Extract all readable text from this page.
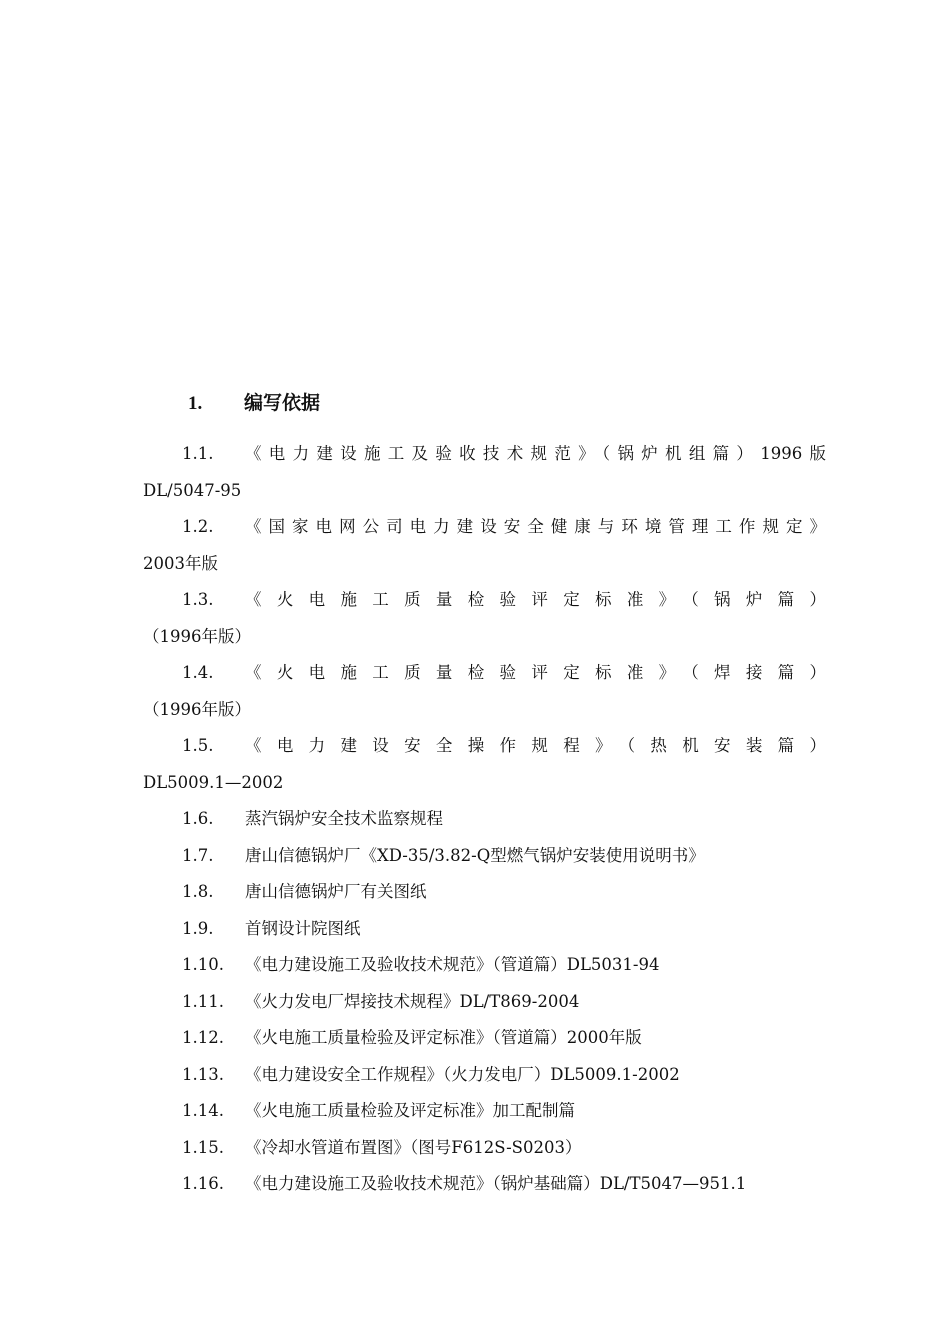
1. 编写依据
1.1.	《电力建设施工及验收技术规范》（锅炉机组篇）1996版
DL/5047-95
1.2.	《国家电网公司电力建设安全健康与环境管理工作规定》
2003年版
1.3.	《火电施工质量检验评定标准》（锅炉篇）
（1996年版）
1.4.	《火电施工质量检验评定标准》（焊接篇）
（1996年版）
1.5.	《电力建设安全操作规程》（热机安装篇）
DL5009.1—2002
1.6.	蒸汽锅炉安全技术监察规程
1.7.	唐山信德锅炉厂《XD-35/3.82-Q型燃气锅炉安装使用说明书》
1.8.	唐山信德锅炉厂有关图纸
1.9.	首钢设计院图纸
1.10.	《电力建设施工及验收技术规范》（管道篇）DL5031-94
1.11.	《火力发电厂焊接技术规程》DL/T869-2004
1.12.	《火电施工质量检验及评定标准》（管道篇）2000年版
1.13.	《电力建设安全工作规程》（火力发电厂）DL5009.1-2002
1.14.	《火电施工质量检验及评定标准》加工配制篇
1.15.	《冷却水管道布置图》（图号F612S-S0203）
1.16.	《电力建设施工及验收技术规范》（锅炉基础篇）DL/T5047—951.1
